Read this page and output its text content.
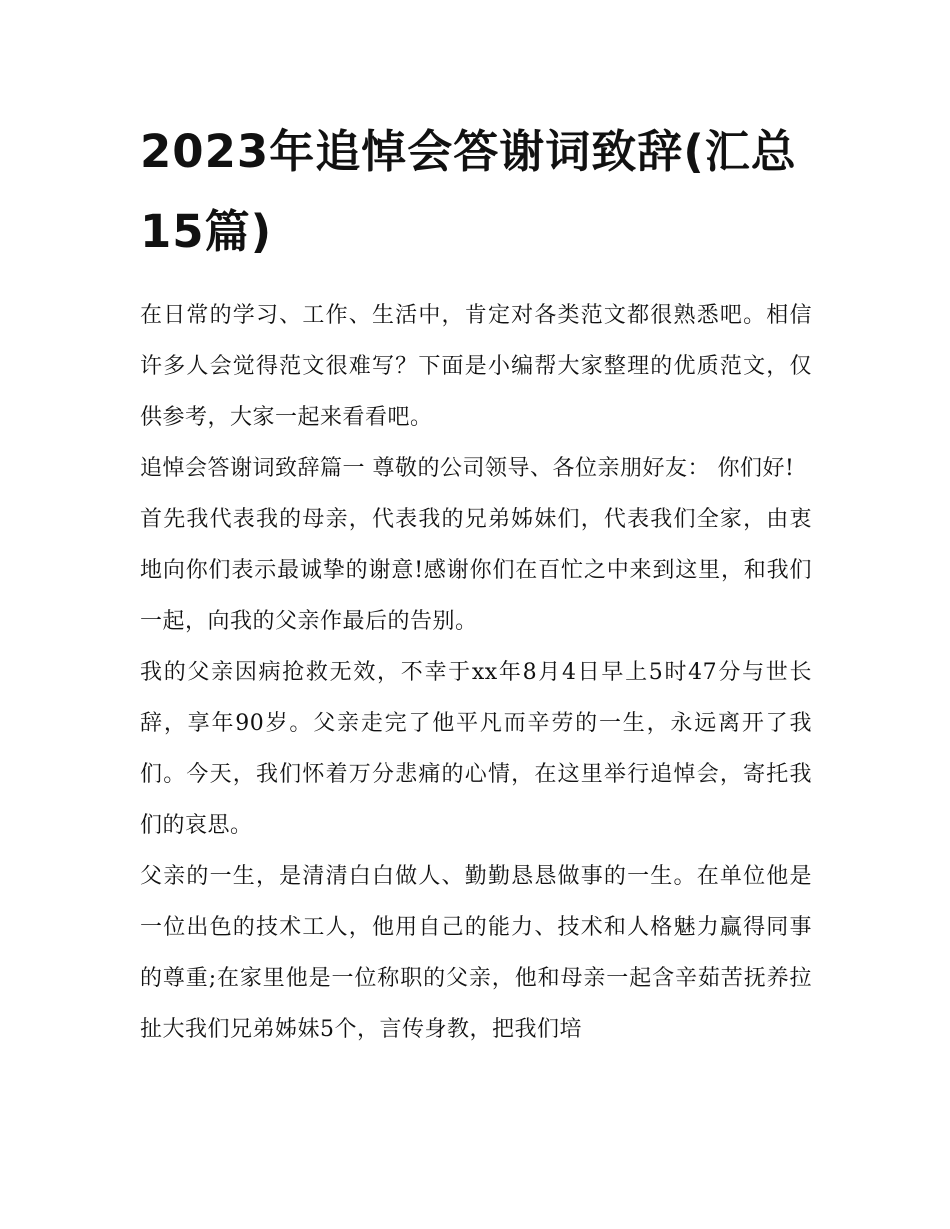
2023年追悼会答谢词致辞(汇总15篇)

在日常的学习、工作、生活中，肯定对各类范文都很熟悉吧。相信许多人会觉得范文很难写？下面是小编帮大家整理的优质范文，仅供参考，大家一起来看看吧。

追悼会答谢词致辞篇一 尊敬的公司领导、各位亲朋好友： 你们好!

首先我代表我的母亲，代表我的兄弟姊妹们，代表我们全家，由衷地向你们表示最诚挚的谢意!感谢你们在百忙之中来到这里，和我们一起，向我的父亲作最后的告别。

我的父亲因病抢救无效，不幸于xx年8月4日早上5时47分与世长辞，享年90岁。父亲走完了他平凡而辛劳的一生，永远离开了我们。今天，我们怀着万分悲痛的心情，在这里举行追悼会，寄托我们的哀思。

父亲的一生，是清清白白做人、勤勤恳恳做事的一生。在单位他是一位出色的技术工人，他用自己的能力、技术和人格魅力赢得同事的尊重;在家里他是一位称职的父亲，他和母亲一起含辛茹苦抚养拉扯大我们兄弟姊妹5个，言传身教，把我们培
